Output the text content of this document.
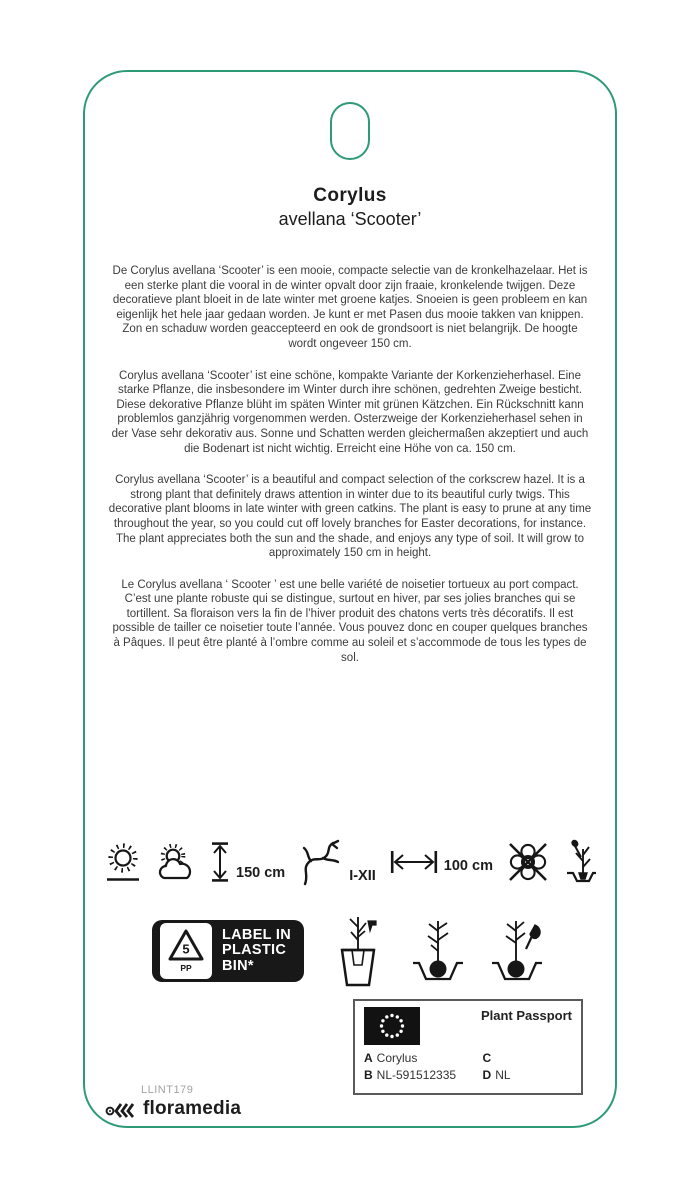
Corylus
avellana ‘Scooter’

De Corylus avellana ‘Scooter’ is een mooie, compacte selectie van de kronkelhazelaar. Het is een sterke plant die vooral in de winter opvalt door zijn fraaie, kronkelende twijgen. Deze decoratieve plant bloeit in de late winter met groene katjes. Snoeien is geen probleem en kan eigenlijk het hele jaar gedaan worden. Je kunt er met Pasen dus mooie takken van knippen. Zon en schaduw worden geaccepteerd en ook de grondsoort is niet belangrijk. De hoogte wordt ongeveer 150 cm.

Corylus avellana ‘Scooter’ ist eine schöne, kompakte Variante der Korkenzieherhasel. Eine starke Pflanze, die insbesondere im Winter durch ihre schönen, gedrehten Zweige besticht. Diese dekorative Pflanze blüht im späten Winter mit grünen Kätzchen. Ein Rückschnitt kann problemlos ganzjährig vorgenommen werden. Osterzweige der Korkenzieherhasel sehen in der Vase sehr dekorativ aus. Sonne und Schatten werden gleichermaßen akzeptiert und auch die Bodenart ist nicht wichtig. Erreicht eine Höhe von ca. 150 cm.

Corylus avellana ‘Scooter’ is a beautiful and compact selection of the corkscrew hazel. It is a strong plant that definitely draws attention in winter due to its beautiful curly twigs. This decorative plant blooms in late winter with green catkins. The plant is easy to prune at any time throughout the year, so you could cut off lovely branches for Easter decorations, for instance. The plant appreciates both the sun and the shade, and enjoys any type of soil. It will grow to approximately 150 cm in height.

Le Corylus avellana ‘ Scooter ’ est une belle variété de noisetier tortueux au port compact. C’est une plante robuste qui se distingue, surtout en hiver, par ses jolies branches qui se tortillent. Sa floraison vers la fin de l’hiver produit des chatons verts très décoratifs. Il est possible de tailler ce noisetier toute l’année. Vous pouvez donc en couper quelques branches à Pâques. Il peut être planté à l’ombre comme au soleil et s’accommode de tous les types de sol.

150 cm	I-XII
100 cm
5
PP
LABEL IN
PLASTIC
BIN*
Plant Passport
A Corylus	C
B NL-591512335	D NL
LLINT179
floramedia
